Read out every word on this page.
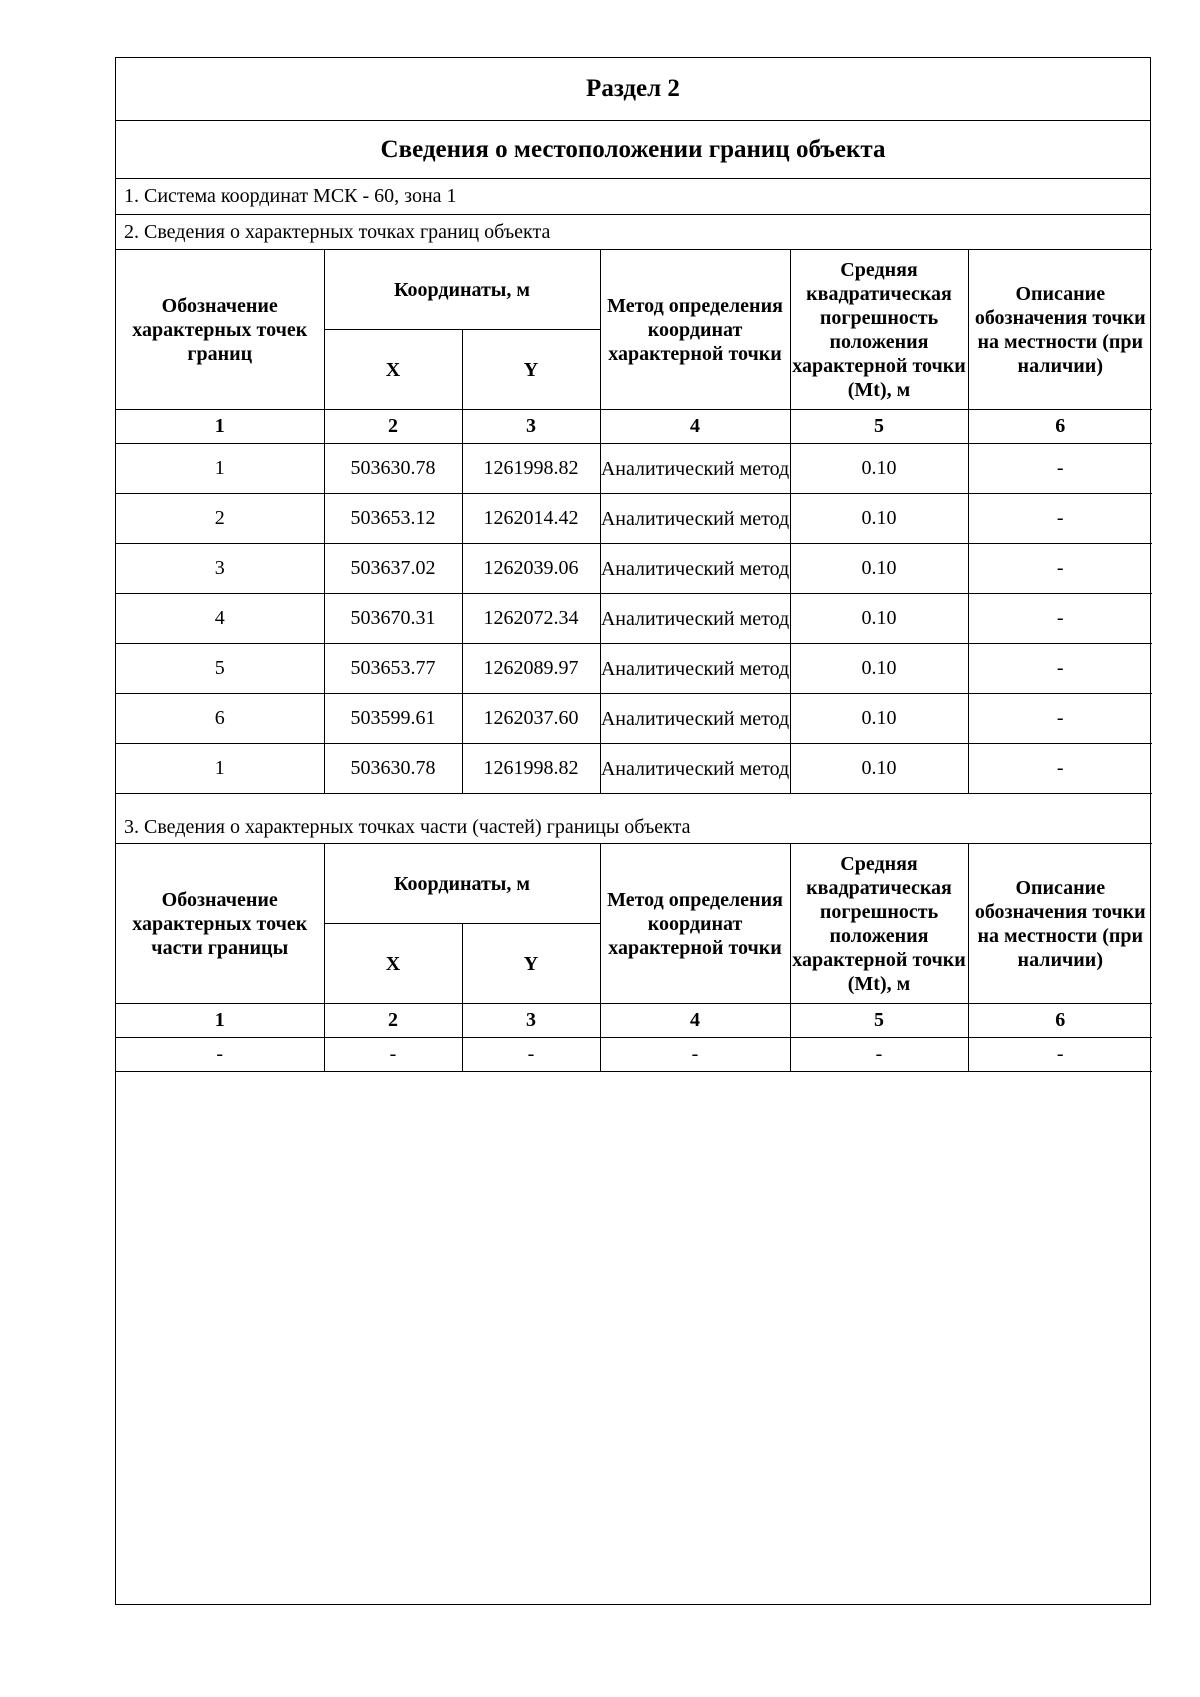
Раздел 2
Сведения о местоположении границ объекта
1. Система координат МСК - 60, зона 1
2. Сведения о характерных точках границ объекта
Обозначение характерных точек границ	Координаты, м		Метод определения координат характерной точки	Средняя квадратическая погрешность положения характерной точки (Mt), м	Описание обозначения точки на местности (при наличии)
	X	Y			
1	2	3	4	5	6
1	503630.78	1261998.82	Аналитический метод	0.10	-
2	503653.12	1262014.42	Аналитический метод	0.10	-
3	503637.02	1262039.06	Аналитический метод	0.10	-
4	503670.31	1262072.34	Аналитический метод	0.10	-
5	503653.77	1262089.97	Аналитический метод	0.10	-
6	503599.61	1262037.60	Аналитический метод	0.10	-
1	503630.78	1261998.82	Аналитический метод	0.10	-
3. Сведения о характерных точках части (частей) границы объекта
Обозначение характерных точек части границы	Координаты, м		Метод определения координат характерной точки	Средняя квадратическая погрешность положения характерной точки (Mt), м	Описание обозначения точки на местности (при наличии)
	X	Y			
1	2	3	4	5	6
-	-	-	-	-	-
